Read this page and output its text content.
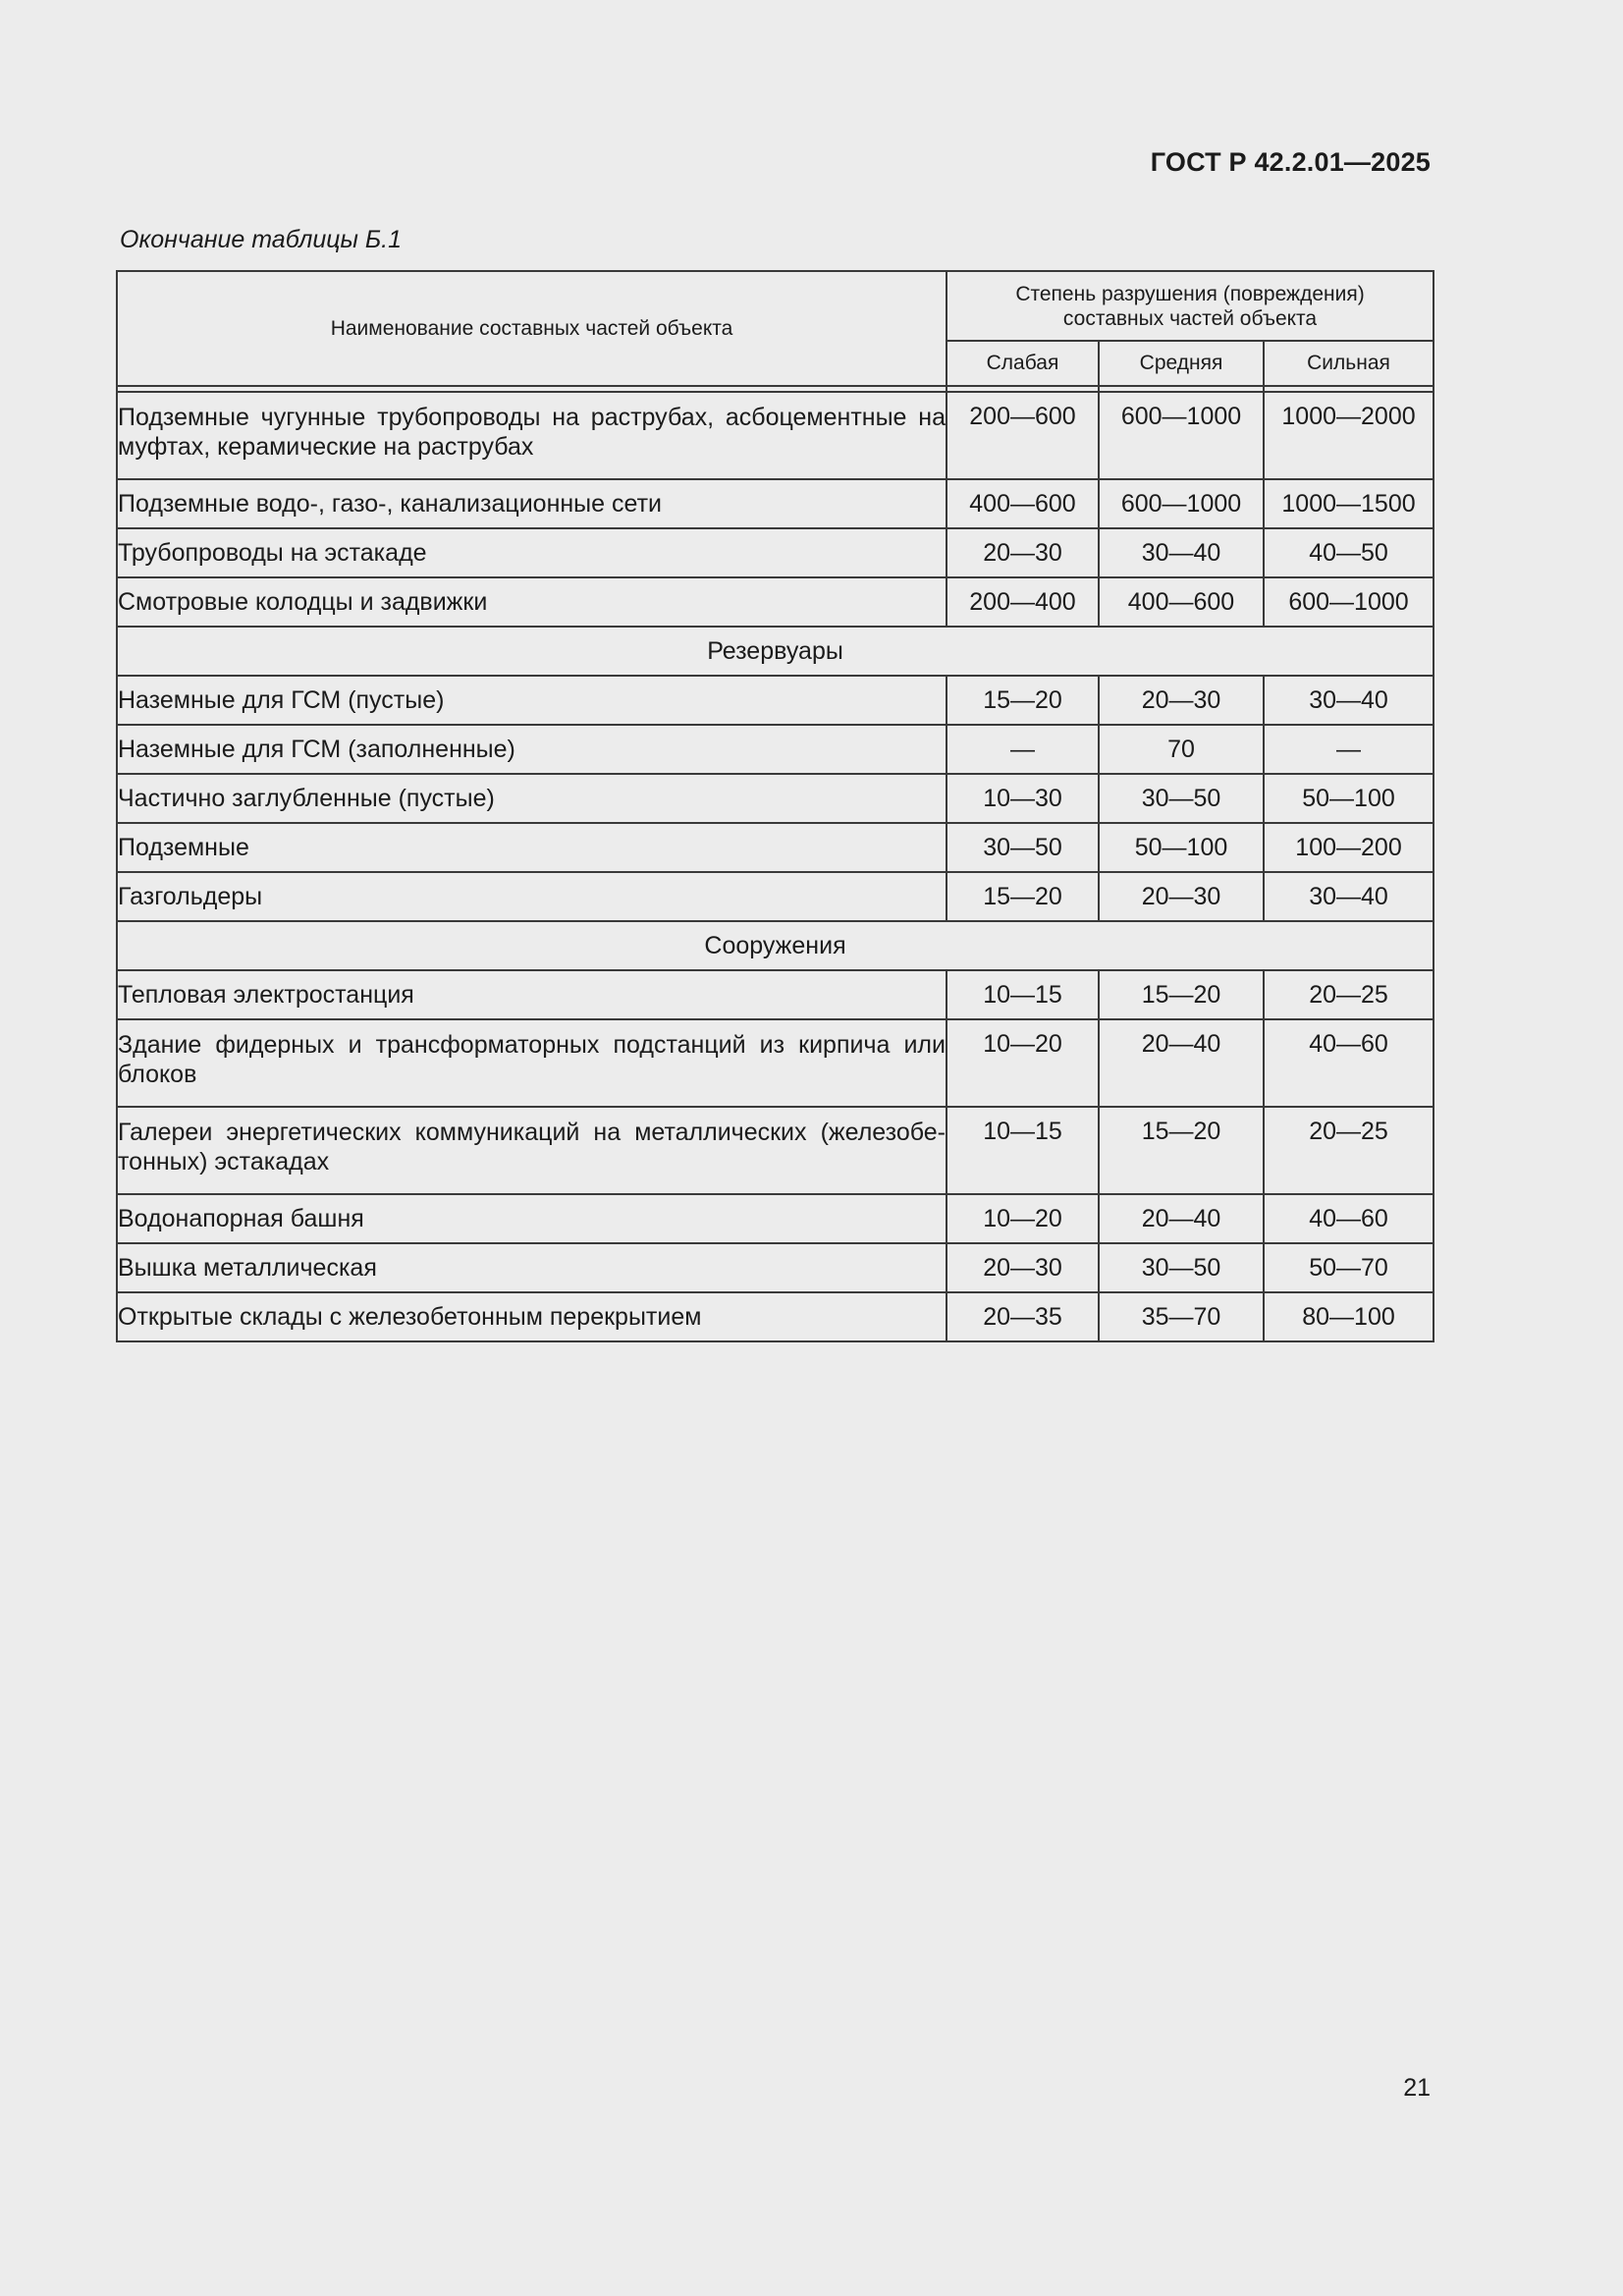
ГОСТ Р 42.2.01—2025
Окончание таблицы Б.1
Наименование составных частей объекта	Степень разрушения (повреждения)
составных частей объекта		

	Слабая	Средняя	Сильная

Подземные чугунные трубопроводы на раструбах, асбоцементные на муфтах, керамические на раструбах	200—600	600—1000	1000—2000
Подземные водо-, газо-, канализационные сети	400—600	600—1000	1000—1500
Трубопроводы на эстакаде	20—30	30—40	40—50
Смотровые колодцы и задвижки	200—400	400—600	600—1000
Резервуары			
Наземные для ГСМ (пустые)	15—20	20—30	30—40
Наземные для ГСМ (заполненные)	—	70	—
Частично заглубленные (пустые)	10—30	30—50	50—100
Подземные	30—50	50—100	100—200
Газгольдеры	15—20	20—30	30—40
Сооружения			
Тепловая электростанция	10—15	15—20	20—25
Здание фидерных и трансформаторных подстанций из кирпича или блоков	10—20	20—40	40—60
Галереи энергетических коммуникаций на металлических (железобе-тонных) эстакадах	10—15	15—20	20—25
Водонапорная башня	10—20	20—40	40—60
Вышка металлическая	20—30	30—50	50—70
Открытые склады с железобетонным перекрытием	20—35	35—70	80—100
21
